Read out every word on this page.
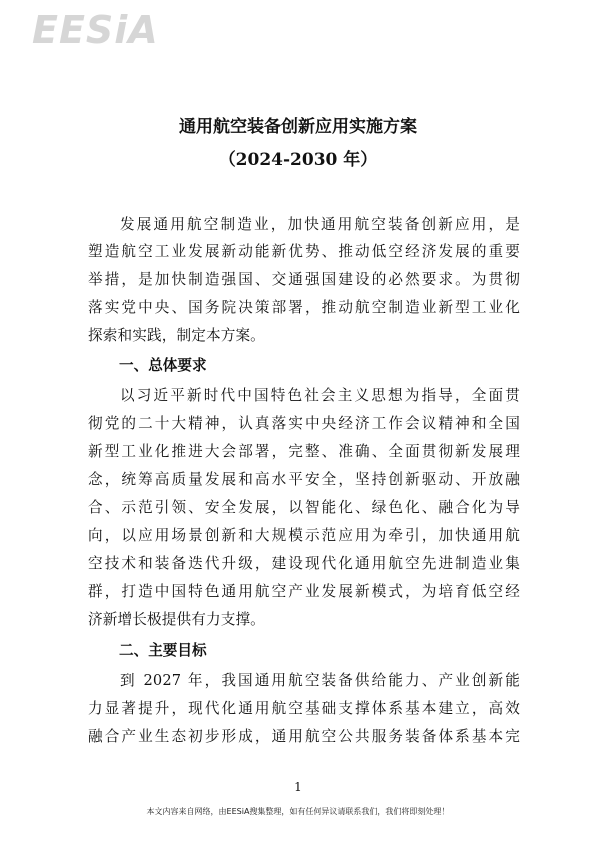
EESiA
通用航空装备创新应用实施方案
（2024-2030 年）
发展通用航空制造业，加快通用航空装备创新应用，是
塑造航空工业发展新动能新优势、推动低空经济发展的重要
举措，是加快制造强国、交通强国建设的必然要求。为贯彻
落实党中央、国务院决策部署，推动航空制造业新型工业化
探索和实践，制定本方案。
一、总体要求
以习近平新时代中国特色社会主义思想为指导，全面贯
彻党的二十大精神，认真落实中央经济工作会议精神和全国
新型工业化推进大会部署，完整、准确、全面贯彻新发展理
念，统筹高质量发展和高水平安全，坚持创新驱动、开放融
合、示范引领、安全发展，以智能化、绿色化、融合化为导
向，以应用场景创新和大规模示范应用为牵引，加快通用航
空技术和装备迭代升级，建设现代化通用航空先进制造业集
群，打造中国特色通用航空产业发展新模式，为培育低空经
济新增长极提供有力支撑。
二、主要目标
到 2027 年，我国通用航空装备供给能力、产业创新能
力显著提升，现代化通用航空基础支撑体系基本建立，高效
融合产业生态初步形成，通用航空公共服务装备体系基本完
1
本文内容来自网络，由EESiA搜集整理，如有任何异议请联系我们，我们将即刻处理！
